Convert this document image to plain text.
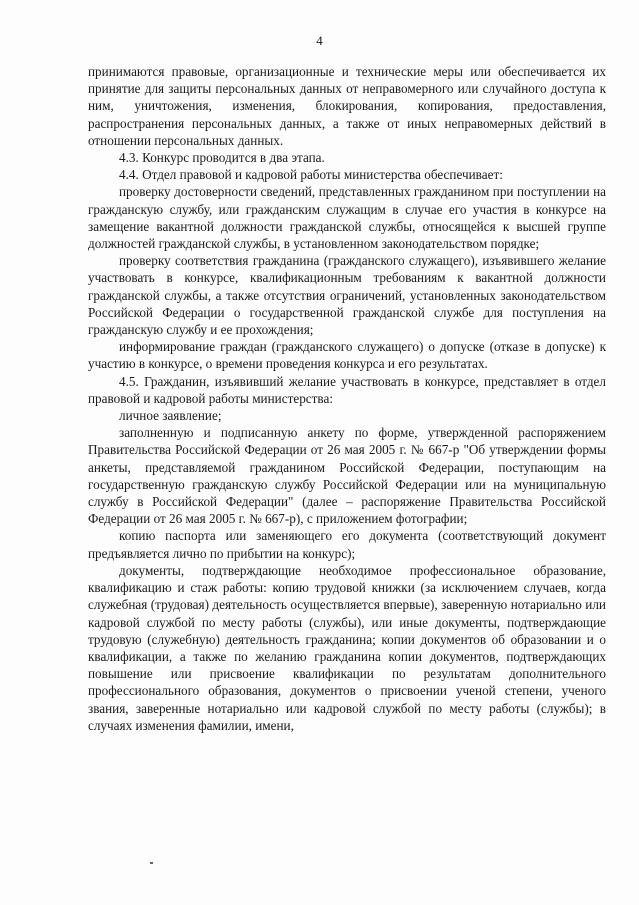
4

принимаются правовые, организационные и технические меры или обеспечивается их принятие для защиты персональных данных от неправомерного или случайного доступа к ним, уничтожения, изменения, блокирования, копирования, предоставления, распространения персональных данных, а также от иных неправомерных действий в отношении персональных данных.

4.3. Конкурс проводится в два этапа.

4.4. Отдел правовой и кадровой работы министерства обеспечивает:

проверку достоверности сведений, представленных гражданином при поступлении на гражданскую службу, или гражданским служащим в случае его участия в конкурсе на замещение вакантной должности гражданской службы, относящейся к высшей группе должностей гражданской службы, в установленном законодательством порядке;

проверку соответствия гражданина (гражданского служащего), изъявившего желание участвовать в конкурсе, квалификационным требованиям к вакантной должности гражданской службы, а также отсутствия ограничений, установленных законодательством Российской Федерации о государственной гражданской службе для поступления на гражданскую службу и ее прохождения;

информирование граждан (гражданского служащего) о допуске (отказе в допуске) к участию в конкурсе, о времени проведения конкурса и его результатах.

4.5. Гражданин, изъявивший желание участвовать в конкурсе, представляет в отдел правовой и кадровой работы министерства:

личное заявление;

заполненную и подписанную анкету по форме, утвержденной распоряжением Правительства Российской Федерации от 26 мая 2005 г. № 667-р "Об утверждении формы анкеты, представляемой гражданином Российской Федерации, поступающим на государственную гражданскую службу Российской Федерации или на муниципальную службу в Российской Федерации" (далее – распоряжение Правительства Российской Федерации от 26 мая 2005 г. № 667-р), с приложением фотографии;

копию паспорта или заменяющего его документа (соответствующий документ предъявляется лично по прибытии на конкурс);

документы, подтверждающие необходимое профессиональное образование, квалификацию и стаж работы: копию трудовой книжки (за исключением случаев, когда служебная (трудовая) деятельность осуществляется впервые), заверенную нотариально или кадровой службой по месту работы (службы), или иные документы, подтверждающие трудовую (служебную) деятельность гражданина; копии документов об образовании и о квалификации, а также по желанию гражданина копии документов, подтверждающих повышение или присвоение квалификации по результатам дополнительного профессионального образования, документов о присвоении ученой степени, ученого звания, заверенные нотариально или кадровой службой по месту работы (службы); в случаях изменения фамилии, имени,
